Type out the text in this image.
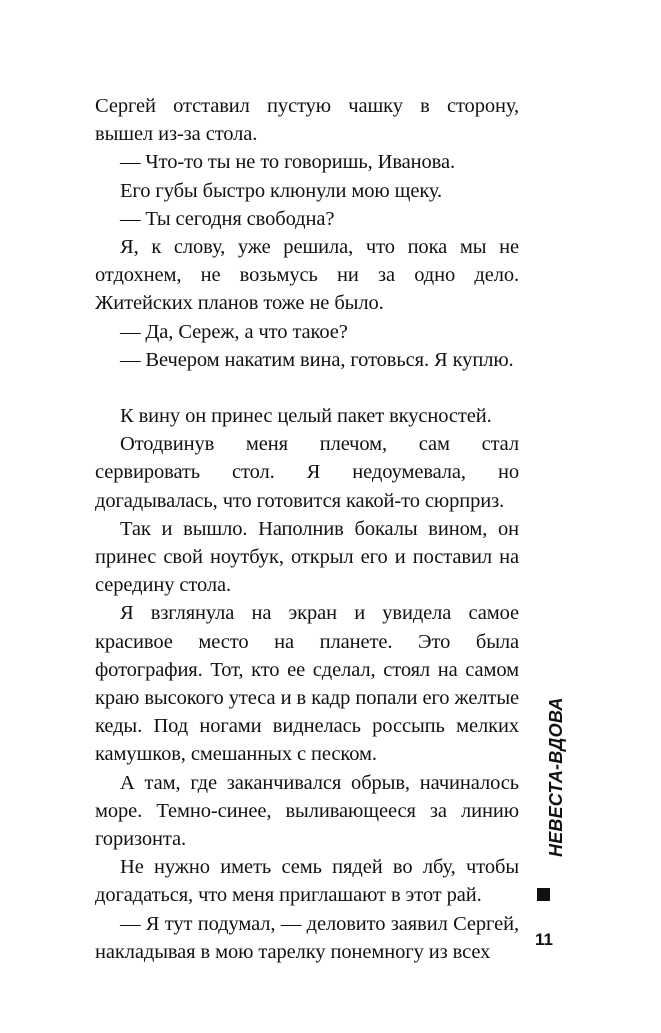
Сергей отставил пустую чашку в сторону, вышел из-за стола.

— Что-то ты не то говоришь, Иванова.

Его губы быстро клюнули мою щеку.

— Ты сегодня свободна?

Я, к слову, уже решила, что пока мы не отдохнем, не возьмусь ни за одно дело. Житейских планов тоже не было.

— Да, Сереж, а что такое?

— Вечером накатим вина, готовься. Я куплю.

К вину он принес целый пакет вкусностей.

Отодвинув меня плечом, сам стал сервировать стол. Я недоумевала, но догадывалась, что готовится какой-то сюрприз.

Так и вышло. Наполнив бокалы вином, он принес свой ноутбук, открыл его и поставил на середину стола.

Я взглянула на экран и увидела самое красивое место на планете. Это была фотография. Тот, кто ее сделал, стоял на самом краю высокого утеса и в кадр попали его желтые кеды. Под ногами виднелась россыпь мелких камушков, смешанных с песком.

А там, где заканчивался обрыв, начиналось море. Темно-синее, выливающееся за линию горизонта.

Не нужно иметь семь пядей во лбу, чтобы догадаться, что меня приглашают в этот рай.

— Я тут подумал, — деловито заявил Сергей, накладывая в мою тарелку понемногу из всех

НЕВЕСТА-ВДОВА
11
